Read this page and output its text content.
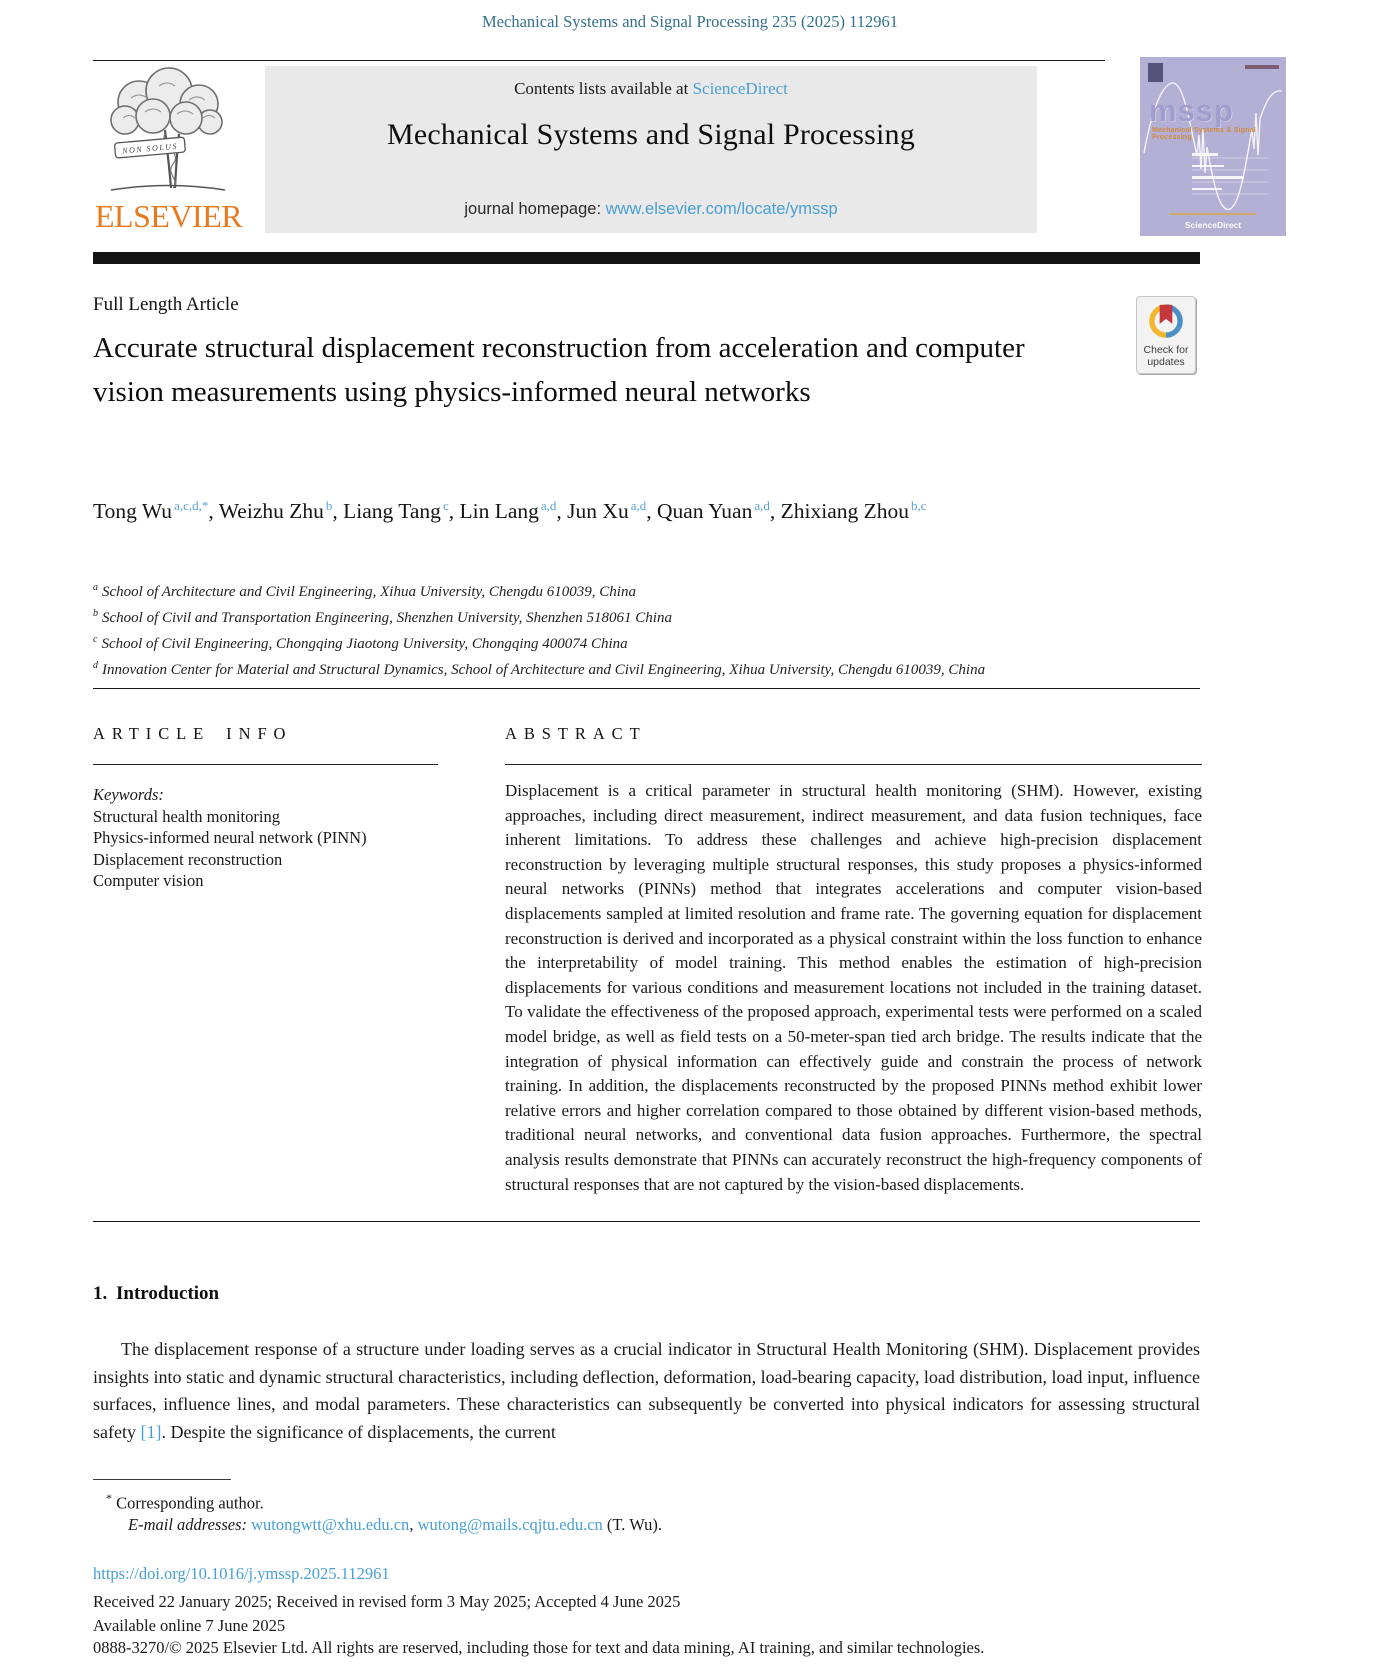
Mechanical Systems and Signal Processing 235 (2025) 112961
NON SOLUS
ELSEVIER
Contents lists available at ScienceDirect
Mechanical Systems and Signal Processing
journal homepage: www.elsevier.com/locate/ymssp
mssp
Mechanical Systems & Signal Processing
ScienceDirect
Full Length Article
Accurate structural displacement reconstruction from acceleration and computer vision measurements using physics-informed neural networks
Check for
updates
Tong Wu $^{a,c,d,*}$, Weizhu Zhu $^b$, Liang Tang $^c$, Lin Lang $^{a,d}$, Jun Xu $^{a,d}$, Quan Yuan $^{a,d}$, Zhixiang Zhou $^{b,c}$
$^a$ School of Architecture and Civil Engineering, Xihua University, Chengdu 610039, China
$^b$ School of Civil and Transportation Engineering, Shenzhen University, Shenzhen 518061 China
$^c$ School of Civil Engineering, Chongqing Jiaotong University, Chongqing 400074 China
$^d$ Innovation Center for Material and Structural Dynamics, School of Architecture and Civil Engineering, Xihua University, Chengdu 610039, China
ARTICLE INFO	ABSTRACT
Keywords:
Structural health monitoring
Physics-informed neural network (PINN)
Displacement reconstruction
Computer vision
Displacement is a critical parameter in structural health monitoring (SHM). However, existing approaches, including direct measurement, indirect measurement, and data fusion techniques, face inherent limitations. To address these challenges and achieve high-precision displacement reconstruction by leveraging multiple structural responses, this study proposes a physics-informed neural networks (PINNs) method that integrates accelerations and computer vision-based displacements sampled at limited resolution and frame rate. The governing equation for displacement reconstruction is derived and incorporated as a physical constraint within the loss function to enhance the interpretability of model training. This method enables the estimation of high-precision displacements for various conditions and measurement locations not included in the training dataset. To validate the effectiveness of the proposed approach, experimental tests were performed on a scaled model bridge, as well as field tests on a 50-meter-span tied arch bridge. The results indicate that the integration of physical information can effectively guide and constrain the process of network training. In addition, the displacements reconstructed by the proposed PINNs method exhibit lower relative errors and higher correlation compared to those obtained by different vision-based methods, traditional neural networks, and conventional data fusion approaches. Furthermore, the spectral analysis results demonstrate that PINNs can accurately reconstruct the high-frequency components of structural responses that are not captured by the vision-based displacements.
1. Introduction
The displacement response of a structure under loading serves as a crucial indicator in Structural Health Monitoring (SHM). Displacement provides insights into static and dynamic structural characteristics, including deflection, deformation, load-bearing capacity, load distribution, load input, influence surfaces, influence lines, and modal parameters. These characteristics can subsequently be converted into physical indicators for assessing structural safety [1]. Despite the significance of displacements, the current
* Corresponding author.
E-mail addresses: wutongwtt@xhu.edu.cn, wutong@mails.cqjtu.edu.cn (T. Wu).
https://doi.org/10.1016/j.ymssp.2025.112961
Received 22 January 2025; Received in revised form 3 May 2025; Accepted 4 June 2025
Available online 7 June 2025
0888-3270/© 2025 Elsevier Ltd. All rights are reserved, including those for text and data mining, AI training, and similar technologies.
